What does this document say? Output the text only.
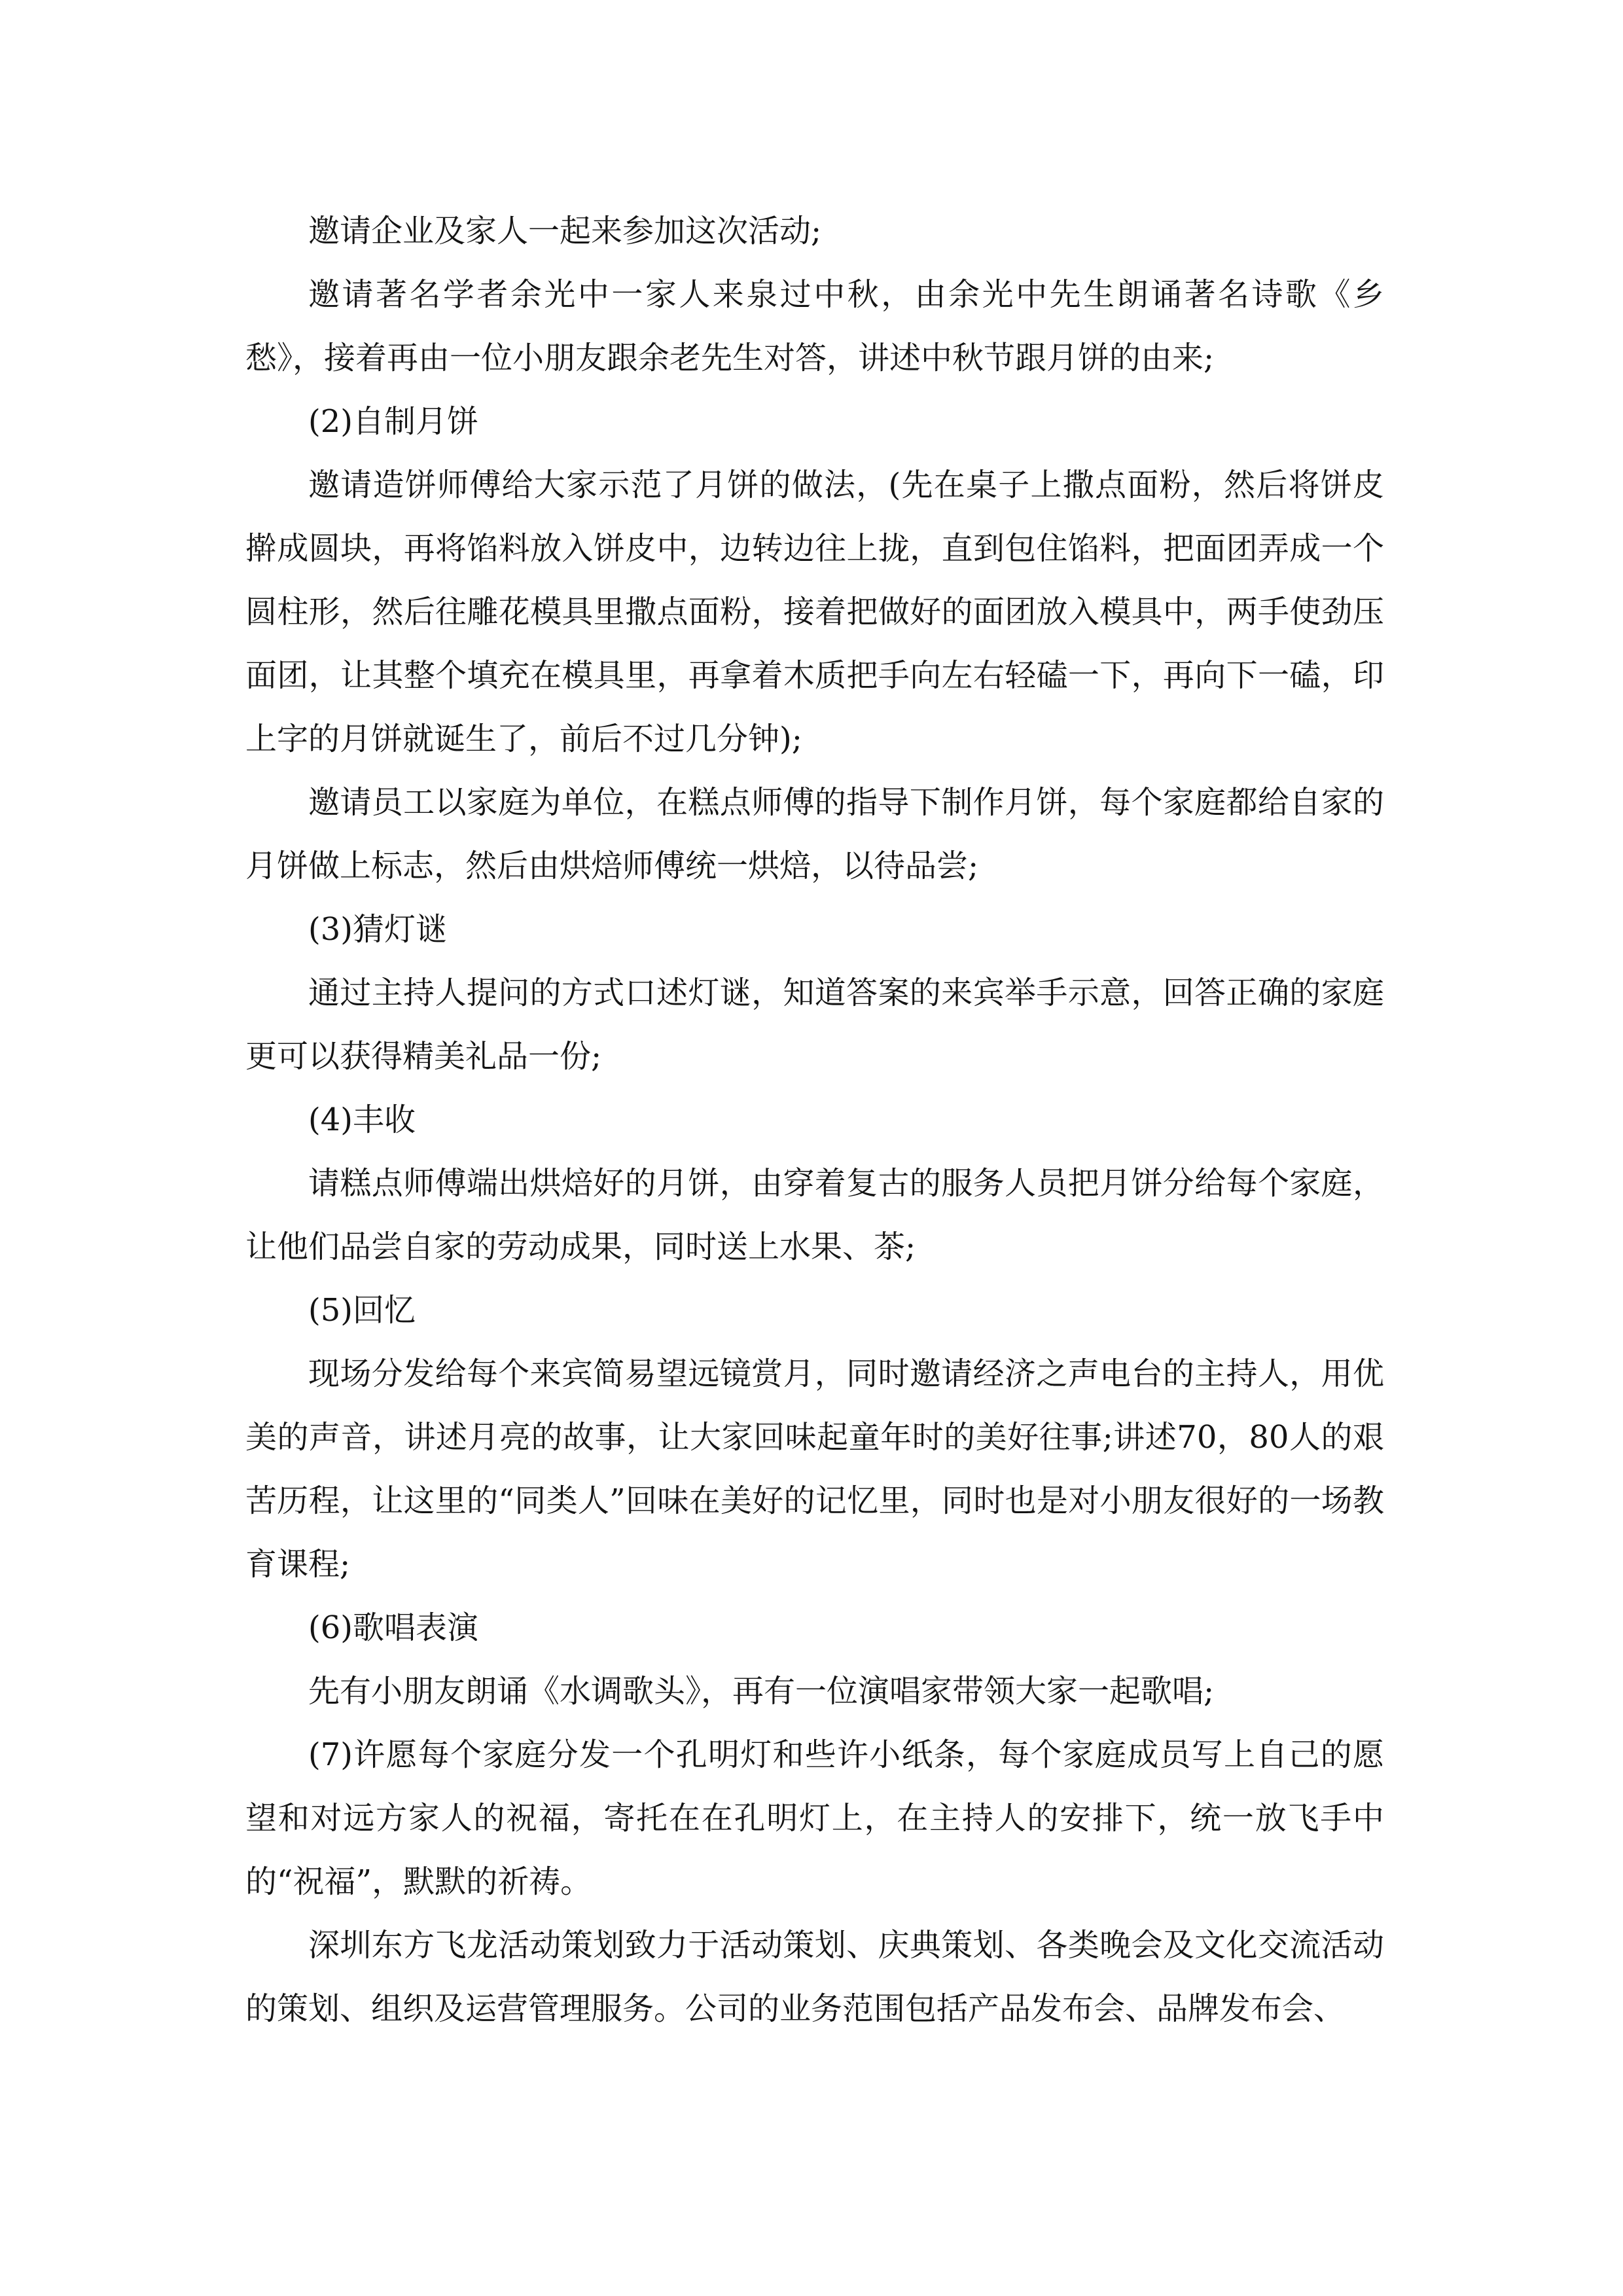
邀请企业及家人一起来参加这次活动;

邀请著名学者余光中一家人来泉过中秋，由余光中先生朗诵著名诗歌《乡愁》，接着再由一位小朋友跟余老先生对答，讲述中秋节跟月饼的由来;

(2)自制月饼

邀请造饼师傅给大家示范了月饼的做法，(先在桌子上撒点面粉，然后将饼皮擀成圆块，再将馅料放入饼皮中，边转边往上拢，直到包住馅料，把面团弄成一个圆柱形，然后往雕花模具里撒点面粉，接着把做好的面团放入模具中，两手使劲压面团，让其整个填充在模具里，再拿着木质把手向左右轻磕一下，再向下一磕，印上字的月饼就诞生了，前后不过几分钟);

邀请员工以家庭为单位，在糕点师傅的指导下制作月饼，每个家庭都给自家的月饼做上标志，然后由烘焙师傅统一烘焙，以待品尝;

(3)猜灯谜

通过主持人提问的方式口述灯谜，知道答案的来宾举手示意，回答正确的家庭更可以获得精美礼品一份;

(4)丰收

请糕点师傅端出烘焙好的月饼，由穿着复古的服务人员把月饼分给每个家庭，让他们品尝自家的劳动成果，同时送上水果、茶;

(5)回忆

现场分发给每个来宾简易望远镜赏月，同时邀请经济之声电台的主持人，用优美的声音，讲述月亮的故事，让大家回味起童年时的美好往事;讲述70，80人的艰苦历程，让这里的“同类人”回味在美好的记忆里，同时也是对小朋友很好的一场教育课程;

(6)歌唱表演

先有小朋友朗诵《水调歌头》，再有一位演唱家带领大家一起歌唱;

(7)许愿每个家庭分发一个孔明灯和些许小纸条，每个家庭成员写上自己的愿望和对远方家人的祝福，寄托在在孔明灯上，在主持人的安排下，统一放飞手中的“祝福”，默默的祈祷。

深圳东方飞龙活动策划致力于活动策划、庆典策划、各类晚会及文化交流活动的策划、组织及运营管理服务。公司的业务范围包括产品发布会、品牌发布会、
